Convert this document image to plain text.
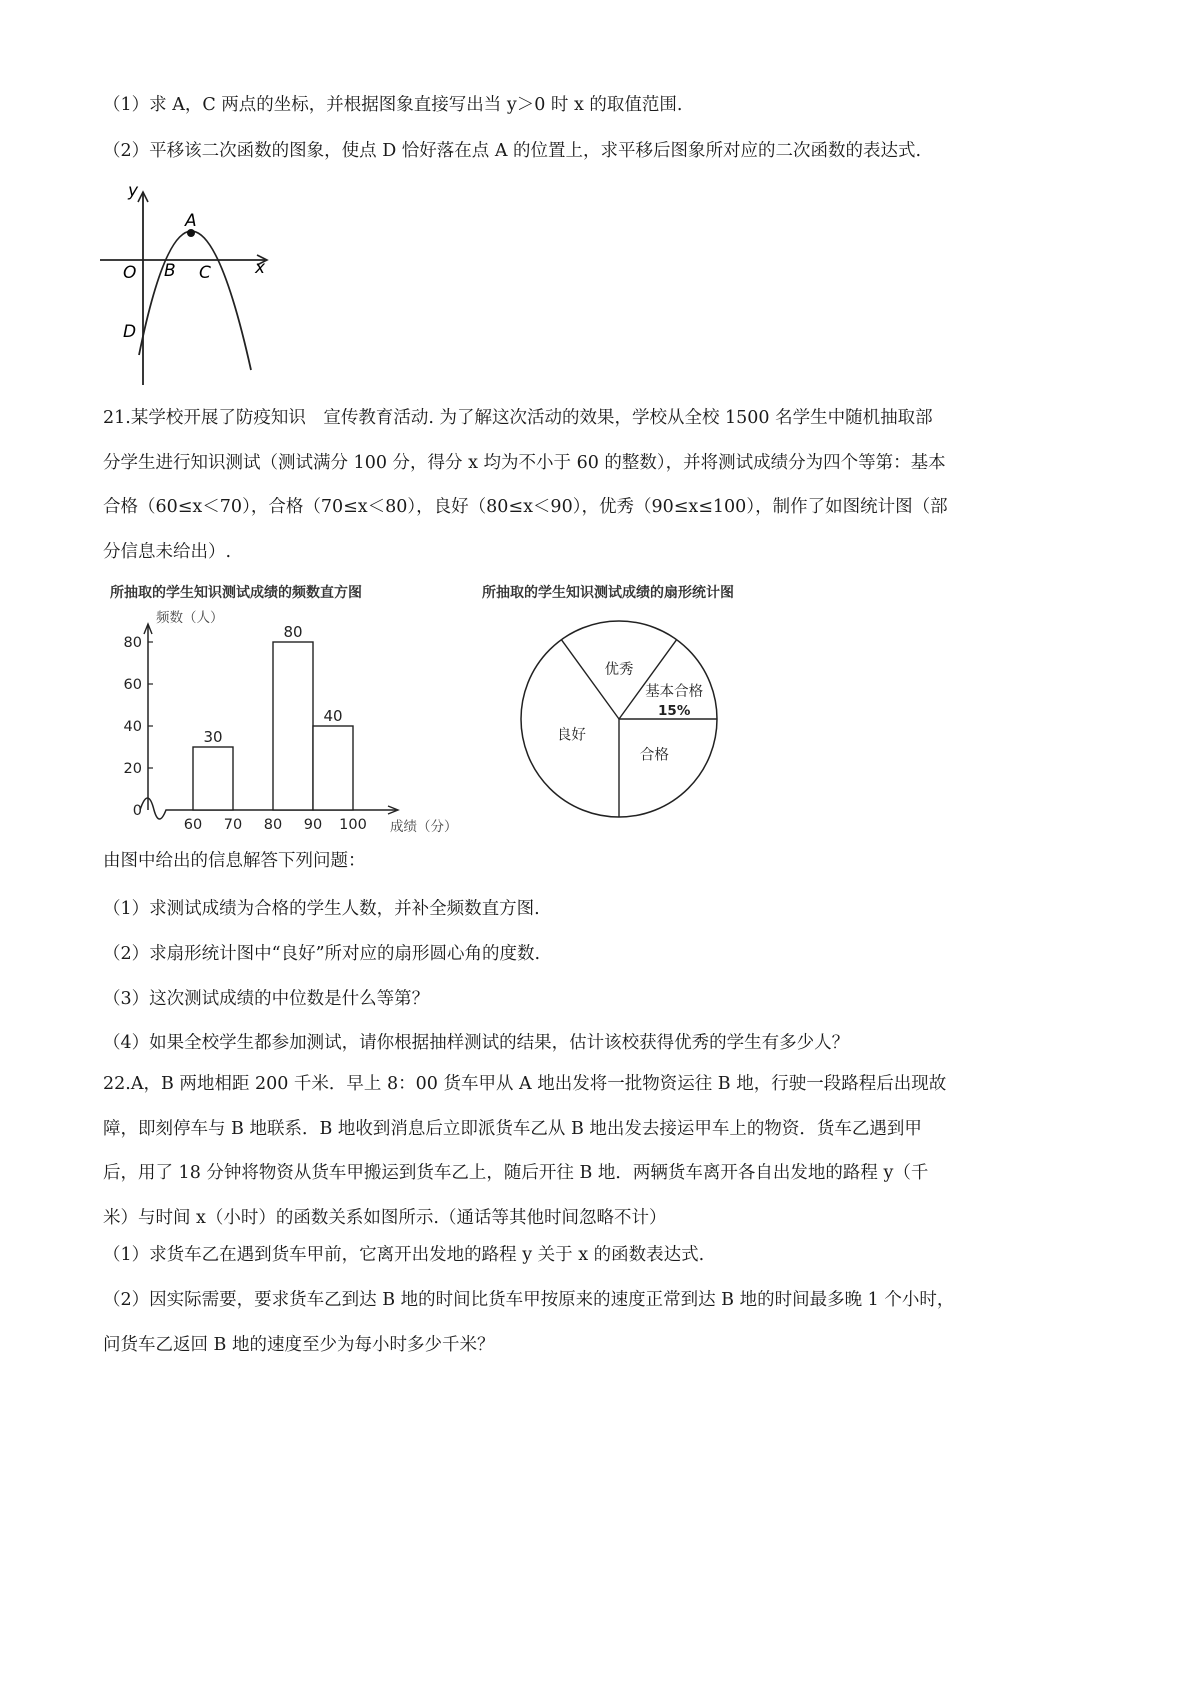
（1）求 A，C 两点的坐标，并根据图象直接写出当 y＞0 时 x 的取值范围.
（2）平移该二次函数的图象，使点 D 恰好落在点 A 的位置上，求平移后图象所对应的二次函数的表达式.
y
x
O
A
B C
D
21.某学校开展了防疫知识　宣传教育活动. 为了解这次活动的效果，学校从全校 1500 名学生中随机抽取部
分学生进行知识测试（测试满分 100 分，得分 x 均为不小于 60 的整数），并将测试成绩分为四个等第：基本
合格（60≤x＜70），合格（70≤x＜80），良好（80≤x＜90），优秀（90≤x≤100），制作了如图统计图（部
分信息未给出）.
所抽取的学生知识测试成绩的频数直方图
频数（人）
30
80
40
0
20
40
60
80
60 70 80 90 100 成绩（分）
所抽取的学生知识测试成绩的扇形统计图
基本合格
15%
合格
良好
优秀
由图中给出的信息解答下列问题：
（1）求测试成绩为合格的学生人数，并补全频数直方图.
（2）求扇形统计图中“良好”所对应的扇形圆心角的度数.
（3）这次测试成绩的中位数是什么等第？
（4）如果全校学生都参加测试，请你根据抽样测试的结果，估计该校获得优秀的学生有多少人？
22.A，B 两地相距 200 千米．早上 8：00 货车甲从 A 地出发将一批物资运往 B 地，行驶一段路程后出现故
障，即刻停车与 B 地联系．B 地收到消息后立即派货车乙从 B 地出发去接运甲车上的物资．货车乙遇到甲
后，用了 18 分钟将物资从货车甲搬运到货车乙上，随后开往 B 地．两辆货车离开各自出发地的路程 y（千
米）与时间 x（小时）的函数关系如图所示.（通话等其他时间忽略不计）
（1）求货车乙在遇到货车甲前，它离开出发地的路程 y 关于 x 的函数表达式.
（2）因实际需要，要求货车乙到达 B 地的时间比货车甲按原来的速度正常到达 B 地的时间最多晚 1 个小时，
问货车乙返回 B 地的速度至少为每小时多少千米？
